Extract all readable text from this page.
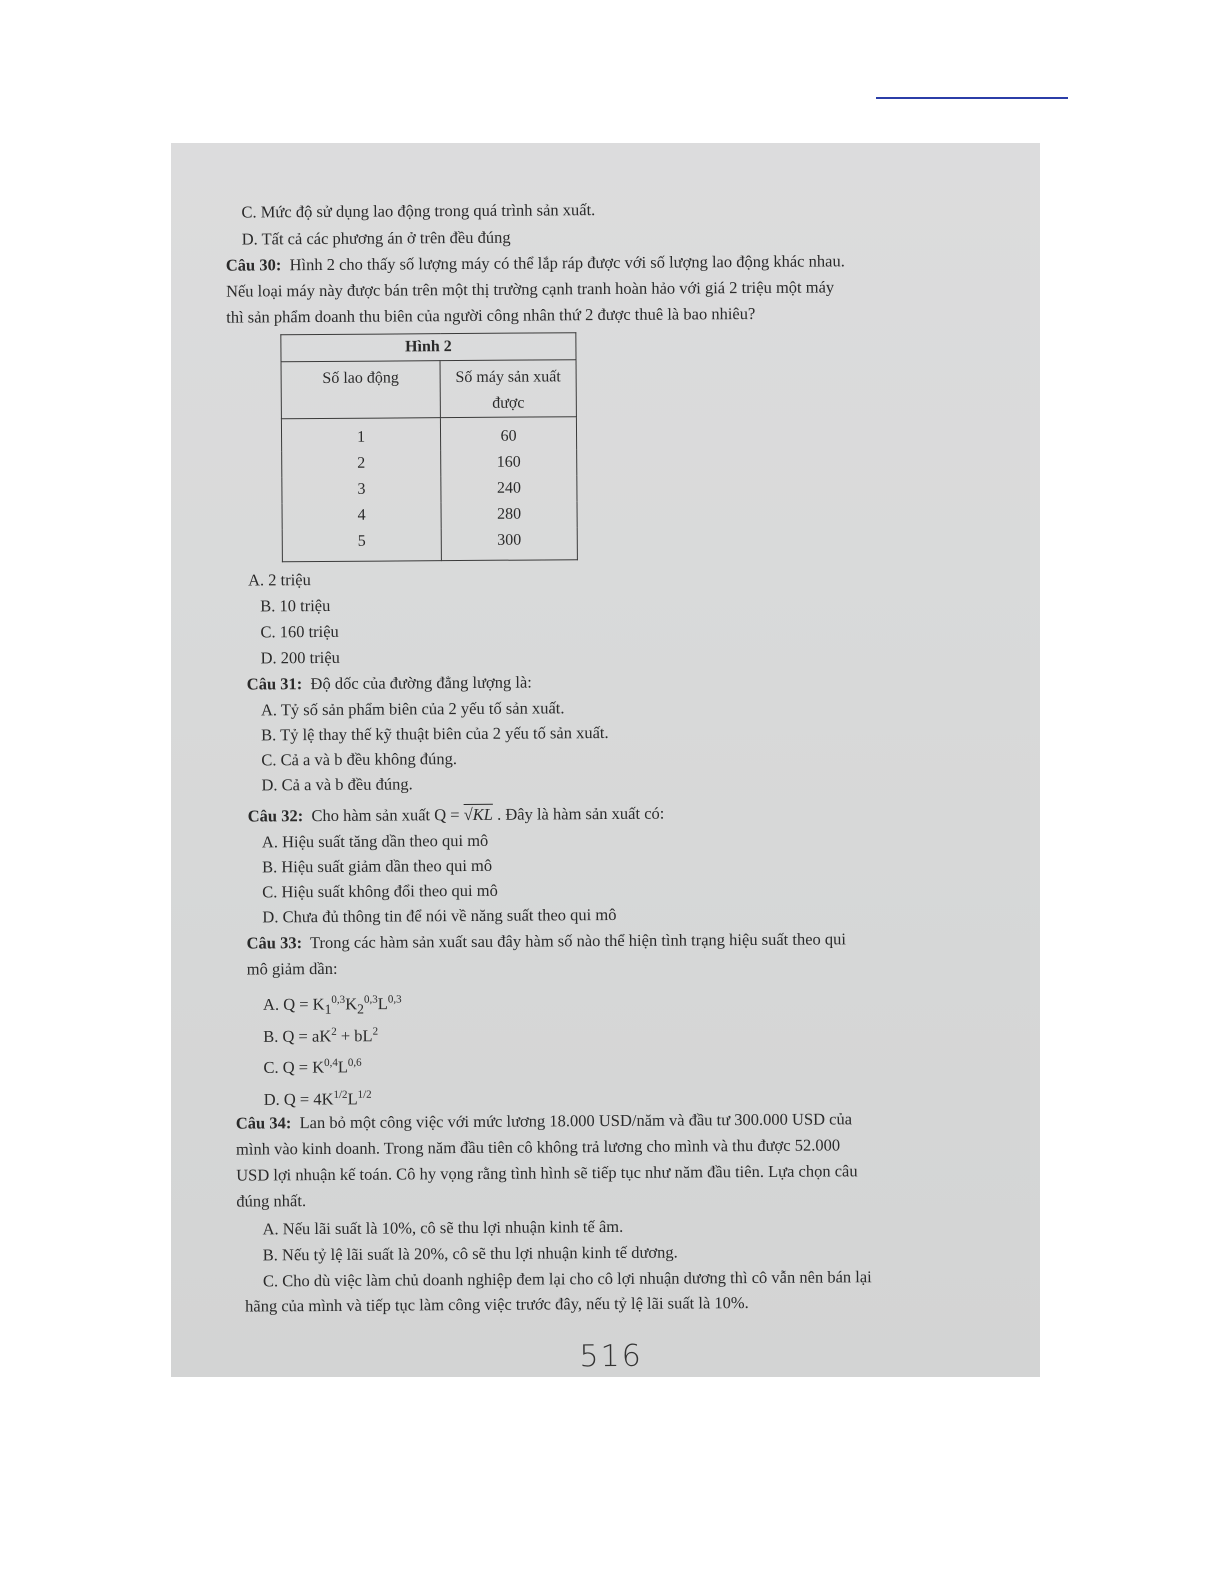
C. Mức độ sử dụng lao động trong quá trình sản xuất.
D. Tất cả các phương án ở trên đều đúng
Câu 30: Hình 2 cho thấy số lượng máy có thể lắp ráp được với số lượng lao động khác nhau.
Nếu loại máy này được bán trên một thị trường cạnh tranh hoàn hảo với giá 2 triệu một máy
thì sản phẩm doanh thu biên của người công nhân thứ 2 được thuê là bao nhiêu?
Hình 2	
Số lao động	Số máy sản xuất
được
1	60
2	160
3	240
4	280
5	300
A. 2 triệu
B. 10 triệu
C. 160 triệu
D. 200 triệu
Câu 31: Độ dốc của đường đẳng lượng là:
A. Tỷ số sản phẩm biên của 2 yếu tố sản xuất.
B. Tỷ lệ thay thế kỹ thuật biên của 2 yếu tố sản xuất.
C. Cả a và b đều không đúng.
D. Cả a và b đều đúng.
Câu 32: Cho hàm sản xuất Q = √KL . Đây là hàm sản xuất có:
A. Hiệu suất tăng dần theo qui mô
B. Hiệu suất giảm dần theo qui mô
C. Hiệu suất không đổi theo qui mô
D. Chưa đủ thông tin để nói về năng suất theo qui mô
Câu 33: Trong các hàm sản xuất sau đây hàm số nào thể hiện tình trạng hiệu suất theo qui
mô giảm dần:
A. $Q = K_1^{0,3}K_2^{0,3}L^{0,3}$
B. $Q = aK^2 + bL^2$
C. $Q = K^{0,4}L^{0,6}$
D. $Q = 4K^{1/2}L^{1/2}$
Câu 34: Lan bỏ một công việc với mức lương 18.000 USD/năm và đầu tư 300.000 USD của
mình vào kinh doanh. Trong năm đầu tiên cô không trả lương cho mình và thu được 52.000
USD lợi nhuận kế toán. Cô hy vọng rằng tình hình sẽ tiếp tục như năm đầu tiên. Lựa chọn câu
đúng nhất.
A. Nếu lãi suất là 10%, cô sẽ thu lợi nhuận kinh tế âm.
B. Nếu tỷ lệ lãi suất là 20%, cô sẽ thu lợi nhuận kinh tế dương.
C. Cho dù việc làm chủ doanh nghiệp đem lại cho cô lợi nhuận dương thì cô vẫn nên bán lại
hãng của mình và tiếp tục làm công việc trước đây, nếu tỷ lệ lãi suất là 10%.
516
